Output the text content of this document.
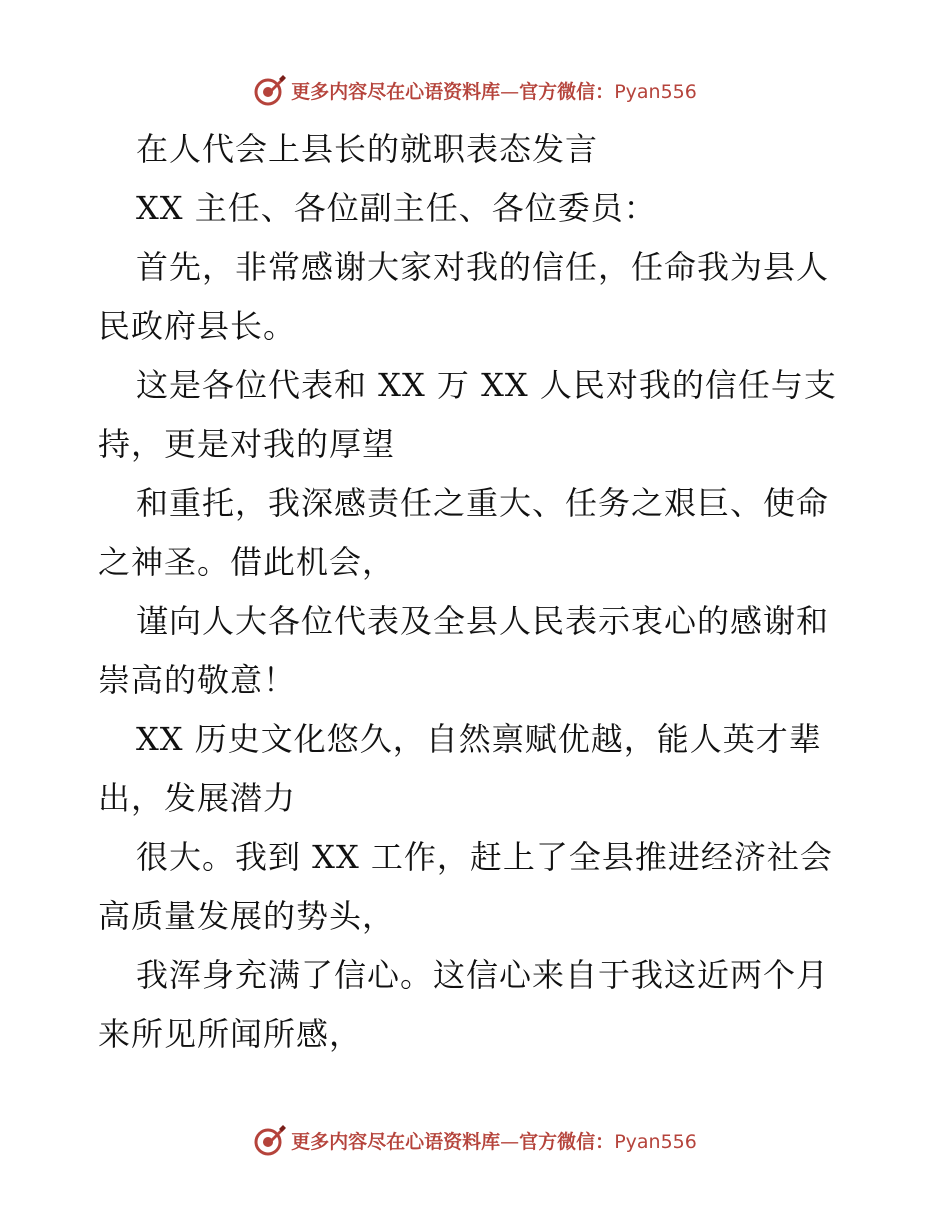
更多内容尽在心语资料库—官方微信：Pyan556
在人代会上县长的就职表态发言
XX 主任、各位副主任、各位委员：
首先，非常感谢大家对我的信任，任命我为县人
民政府县长。
这是各位代表和 XX 万 XX 人民对我的信任与支
持，更是对我的厚望
和重托，我深感责任之重大、任务之艰巨、使命
之神圣。借此机会，
谨向人大各位代表及全县人民表示衷心的感谢和
崇高的敬意！
XX 历史文化悠久，自然禀赋优越，能人英才辈
出，发展潜力
很大。我到 XX 工作，赶上了全县推进经济社会
高质量发展的势头，
我浑身充满了信心。这信心来自于我这近两个月
来所见所闻所感，
更多内容尽在心语资料库—官方微信：Pyan556
